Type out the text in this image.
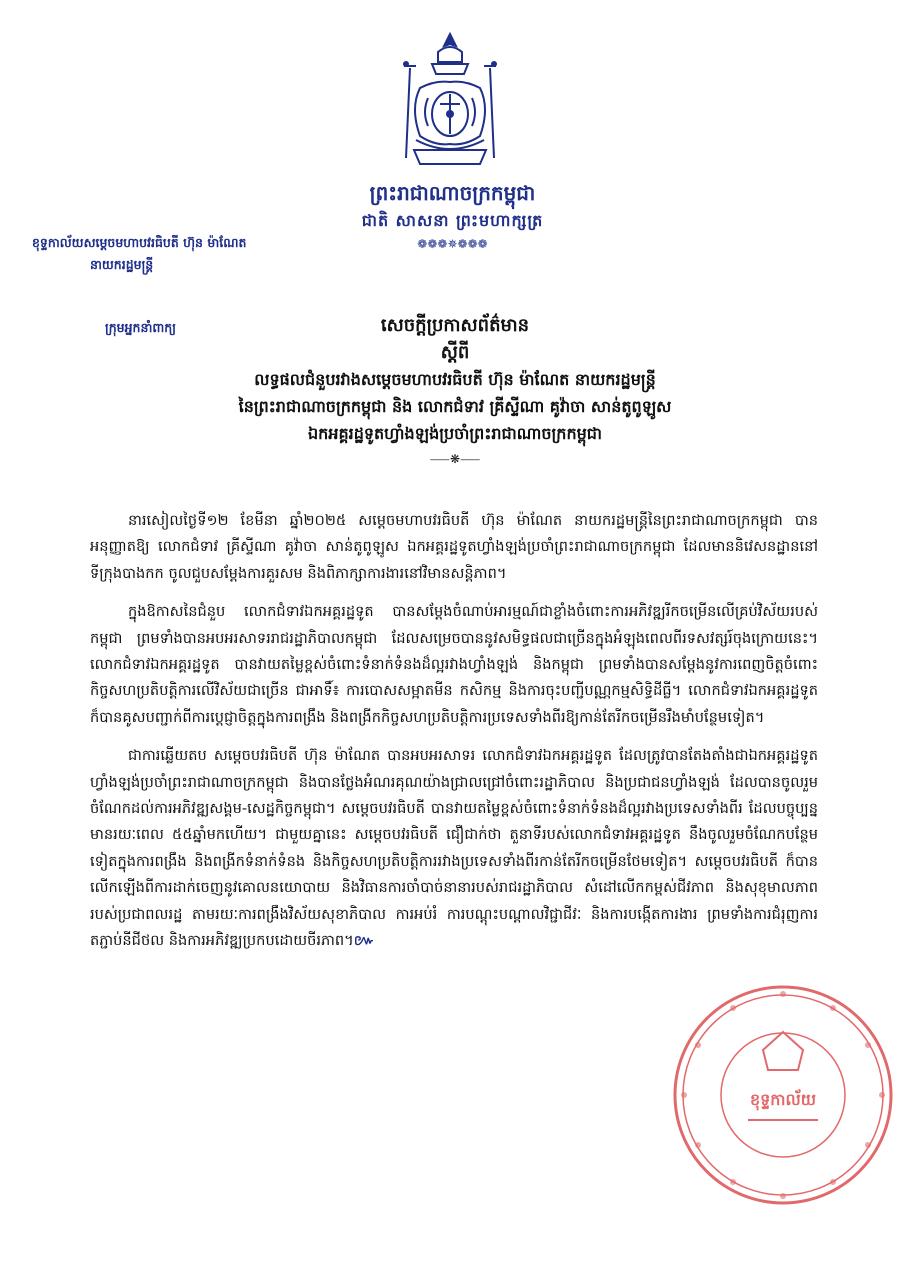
ព្រះរាជាណាចក្រកម្ពុជា
ជាតិ សាសនា ព្រះមហាក្សត្រ
❁❁❁✵❁❁❁
ខុទ្ទកាល័យសម្ដេចមហាបវរធិបតី ហ៊ុន ម៉ាណែត
នាយករដ្ឋមន្ត្រី
ក្រុមអ្នកនាំពាក្យ	សេចក្តីប្រកាសព័ត៌មាន
ស្តីពី
លទ្ធផលជំនួបរវាងសម្តេចមហាបវរធិបតី ហ៊ុន ម៉ាណែត នាយករដ្ឋមន្ត្រី
នៃព្រះរាជាណាចក្រកម្ពុជា និង លោកជំទាវ គ្រីស្ទីណា គូវ៉ាចា សាន់តូពូឡូស
ឯកអគ្គរដ្ឋទូតហ្វាំងឡង់ប្រចាំព្រះរាជាណាចក្រកម្ពុជា
⸺❋⸺

នារសៀលថ្ងៃទី១២ ខែមីនា ឆ្នាំ២០២៥ សម្តេចមហាបវរធិបតី ហ៊ុន ម៉ាណែត នាយករដ្ឋមន្ត្រីនៃព្រះរាជាណាចក្រកម្ពុជា បានអនុញ្ញាតឱ្យ លោកជំទាវ គ្រីស្ទីណា គូវ៉ាចា សាន់តូពូឡូស ឯកអគ្គរដ្ឋទូតហ្វាំងឡង់ប្រចាំព្រះរាជាណាចក្រកម្ពុជា ដែលមាននិវេសនដ្ឋាននៅទីក្រុងបាងកក ចូលជួបសម្តែងការគួរសម និងពិភាក្សាការងារនៅវិមានសន្តិភាព។

ក្នុងឱកាសនៃជំនួប លោកជំទាវឯកអគ្គរដ្ឋទូត បានសម្តែងចំណាប់អារម្មណ៍ជាខ្លាំងចំពោះការអភិវឌ្ឍរីកចម្រើនលើគ្រប់វិស័យរបស់កម្ពុជា ព្រមទាំងបានអបអរសាទររាជរដ្ឋាភិបាលកម្ពុជា ដែលសម្រេចបាននូវសមិទ្ធផលជាច្រើនក្នុងអំឡុងពេលពីរទសវត្សរ៍ចុងក្រោយនេះ។ លោកជំទាវឯកអគ្គរដ្ឋទូត បានវាយតម្លៃខ្ពស់ចំពោះទំនាក់ទំនងដ៏ល្អរវាងហ្វាំងឡង់ និងកម្ពុជា ព្រមទាំងបានសម្តែងនូវការពេញចិត្តចំពោះកិច្ចសហប្រតិបត្តិការលើវិស័យជាច្រើន ជាអាទិ៍៖ ការបោសសម្អាតមីន កសិកម្ម និងការចុះបញ្ជីបណ្ណកម្មសិទ្ធិដីធ្លី។ លោកជំទាវឯកអគ្គរដ្ឋទូត ក៏បានគូសបញ្ជាក់ពីការប្តេជ្ញាចិត្តក្នុងការពង្រឹង និងពង្រីកកិច្ចសហប្រតិបត្តិការប្រទេសទាំងពីរឱ្យកាន់តែរីកចម្រើនរឹងមាំបន្ថែមទៀត។

ជាការឆ្លើយតប សម្តេចបវរធិបតី ហ៊ុន ម៉ាណែត បានអបអរសាទរ លោកជំទាវឯកអគ្គរដ្ឋទូត ដែលត្រូវបានតែងតាំងជាឯកអគ្គរដ្ឋទូតហ្វាំងឡង់ប្រចាំព្រះរាជាណាចក្រកម្ពុជា និងបានថ្លែងអំណរគុណយ៉ាងជ្រាលជ្រៅចំពោះរដ្ឋាភិបាល និងប្រជាជនហ្វាំងឡង់ ដែលបានចូលរួមចំណែកដល់ការអភិវឌ្ឍសង្គម-សេដ្ឋកិច្ចកម្ពុជា។ សម្តេចបវរធិបតី បានវាយតម្លៃខ្ពស់ចំពោះទំនាក់ទំនងដ៏ល្អរវាងប្រទេសទាំងពីរ ដែលបច្ចុប្បន្នមានរយៈពេល ៥៥ឆ្នាំមកហើយ។ ជាមួយគ្នានេះ សម្តេចបវរធិបតី ជឿជាក់ថា តួនាទីរបស់លោកជំទាវអគ្គរដ្ឋទូត នឹងចូលរួមចំណែកបន្ថែមទៀតក្នុងការពង្រឹង និងពង្រីកទំនាក់ទំនង និងកិច្ចសហប្រតិបត្តិការរវាងប្រទេសទាំងពីរកាន់តែរីកចម្រើនថែមទៀត។ សម្តេចបវរធិបតី ក៏បានលើកឡើងពីការដាក់ចេញនូវគោលនយោបាយ និងវិធានការចាំបាច់នានារបស់រាជរដ្ឋាភិបាល សំដៅលើកកម្ពស់ជីវភាព និងសុខុមាលភាពរបស់ប្រជាពលរដ្ឋ តាមរយៈការពង្រឹងវិស័យសុខាភិបាល ការអប់រំ ការបណ្តុះបណ្តាលវិជ្ជាជីវៈ និងការបង្កើតការងារ ព្រមទាំងការជំរុញការតភ្ជាប់នីជីថល និងការអភិវឌ្ឍប្រកបដោយចីរភាព។៚

ខុទ្ទកាល័យ
